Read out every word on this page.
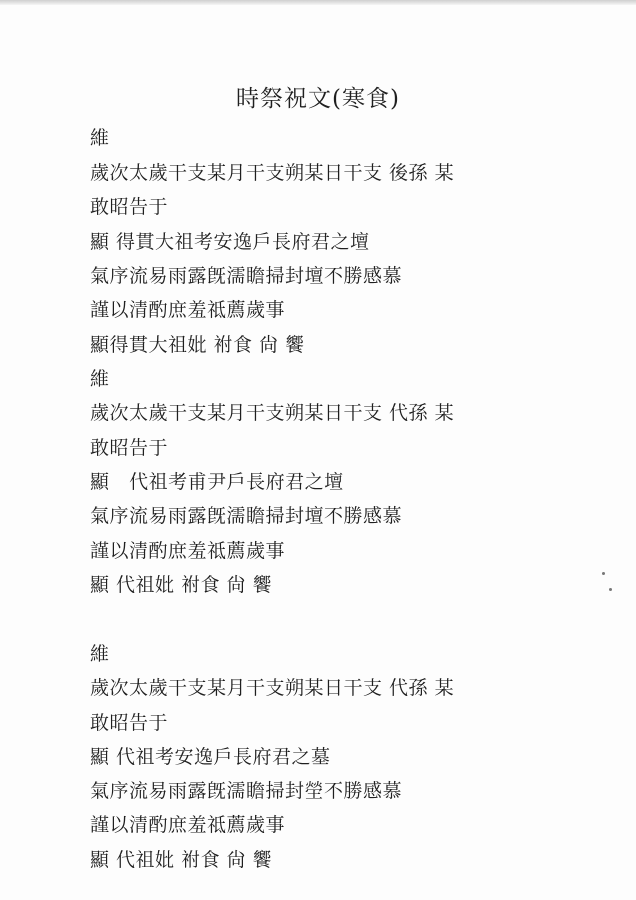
時祭祝文(寒食)
維
歲次太歲干支某月干支朔某日干支 後孫 某
敢昭告于
顯 得貫大祖考安逸戶長府君之壇
氣序流易雨露旣濡瞻掃封壇不勝感慕
謹以清酌庶羞祗薦歲事
顯得貫大祖妣 祔食 尙 饗
維
歲次太歲干支某月干支朔某日干支 代孫 某
敢昭告于
顯   代祖考甫尹戶長府君之壇
氣序流易雨露旣濡瞻掃封壇不勝感慕
謹以清酌庶羞祗薦歲事
顯 代祖妣 祔食 尙 饗
維
歲次太歲干支某月干支朔某日干支 代孫 某
敢昭告于
顯 代祖考安逸戶長府君之墓
氣序流易雨露旣濡瞻掃封塋不勝感慕
謹以清酌庶羞祗薦歲事
顯 代祖妣 祔食 尙 饗
